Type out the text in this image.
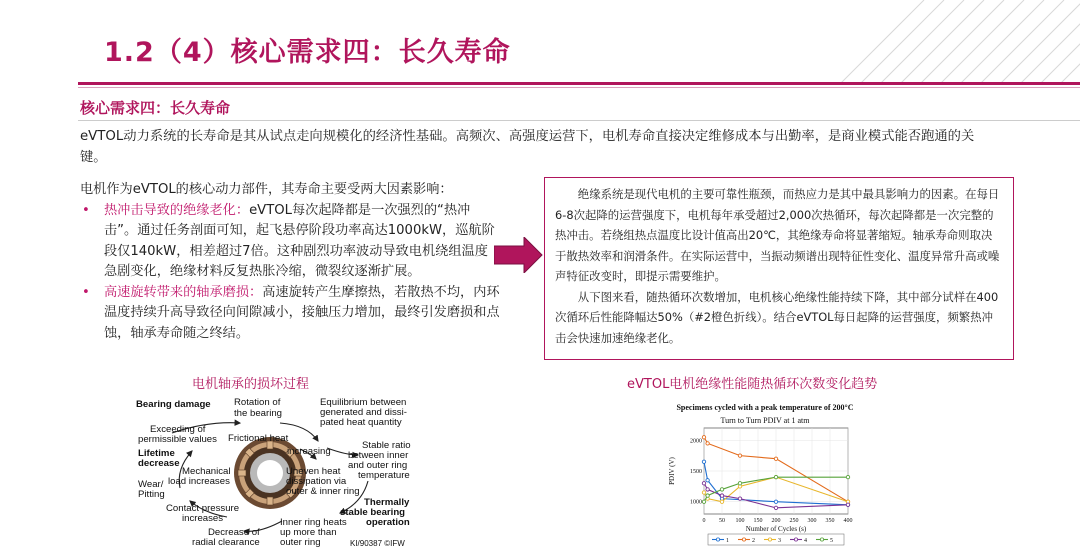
1.2（4）核心需求四：长久寿命
核心需求四：长久寿命
eVTOL动力系统的长寿命是其从试点走向规模化的经济性基础。高频次、高强度运营下，电机寿命直接决定维修成本与出勤率，是商业模式能否跑通的关键。
电机作为eVTOL的核心动力部件，其寿命主要受两大因素影响：
•	热冲击导致的绝缘老化：eVTOL每次起降都是一次强烈的“热冲击”。通过任务剖面可知，起飞悬停阶段功率高达1000kW，巡航阶段仅140kW，相差超过7倍。这种剧烈功率波动导致电机绕组温度急剧变化，绝缘材料反复热胀冷缩，微裂纹逐渐扩展。
•	高速旋转带来的轴承磨损：高速旋转产生摩擦热，若散热不均，内环温度持续升高导致径向间隙减小，接触压力增加，最终引发磨损和点蚀，轴承寿命随之终结。

绝缘系统是现代电机的主要可靠性瓶颈，而热应力是其中最具影响力的因素。在每日6-8次起降的运营强度下，电机每年承受超过2,000次热循环，每次起降都是一次完整的热冲击。若绕组热点温度比设计值高出20℃，其绝缘寿命将显著缩短。轴承寿命则取决于散热效率和润滑条件。在实际运营中，当振动频谱出现特征性变化、温度异常升高或噪声特征改变时，即提示需要维护。

从下图来看，随热循环次数增加，电机核心绝缘性能持续下降，其中部分试样在400次循环后性能降幅达50%（#2橙色折线）。结合eVTOL每日起降的运营强度，频繁热冲击会快速加速绝缘老化。

电机轴承的损坏过程	eVTOL电机绝缘性能随热循环次数变化趋势
Bearing damage Rotation of
the bearing
Equilibrium between
generated and dissi-
pated heat quantity
Exceeding of
permissible values Frictional heat
increasing
Stable ratio
between inner
and outer ring
temperature
Lifetime
decrease
Mechanical
load increases
Uneven heat
dissipation via
outer & inner ring
Wear/
Pitting
Thermally
stable bearing
operation
Contact pressure
increases	Inner ring heats
up more than
outer ring
Decrease of
radial clearance	KI/90387 ©IFW
Specimens cycled with a peak temperature of 200°C
Turn to Turn PDIV at 1 atm
0 50 100 150 200 250 300 350 400
1000
1500
2000
PDIV (V)
Number of Cycles (s)
1	2	3	4	5
